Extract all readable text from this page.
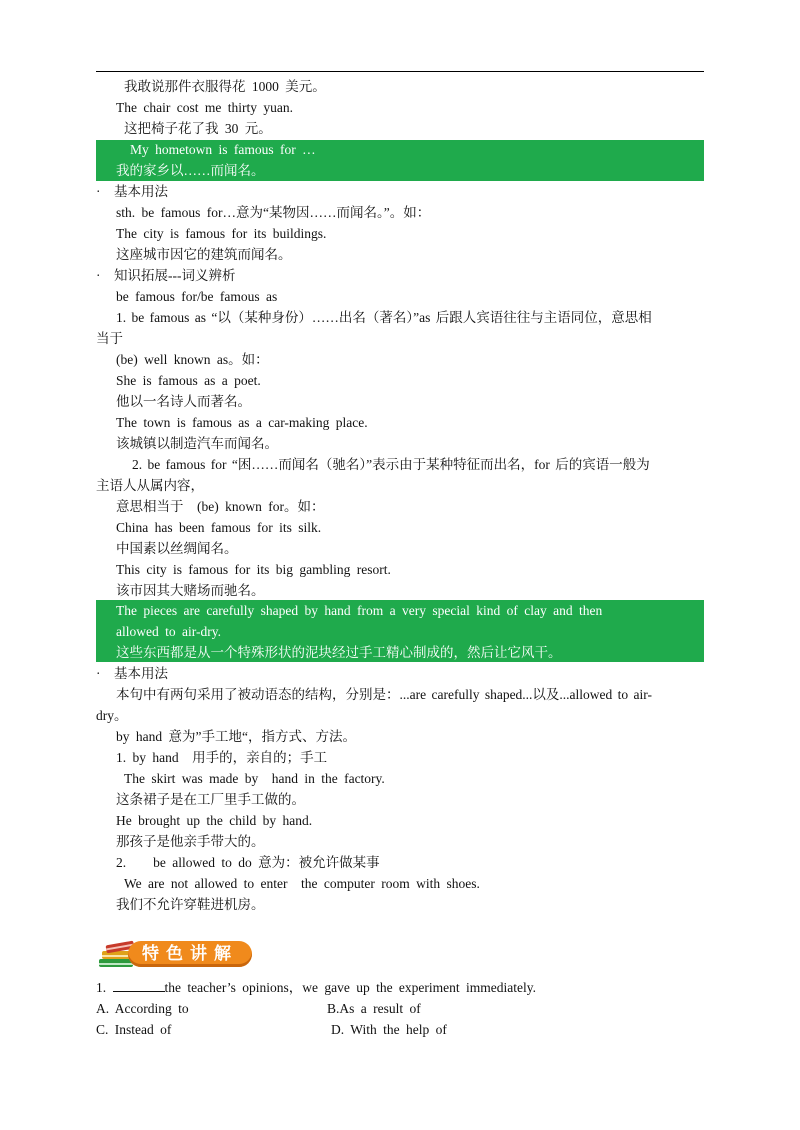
我敢说那件衣服得花 1000 美元。
The chair cost me thirty yuan.
这把椅子花了我 30 元。
My hometown is famous for …
我的家乡以……而闻名。
· 基本用法
sth. be famous for…意为“某物因……而闻名。”。如：
The city is famous for its buildings.
这座城市因它的建筑而闻名。
· 知识拓展---词义辨析
be famous for/be famous as
1. be famous as “以（某种身份）……出名（著名）”as 后跟人宾语往往与主语同位，意思相
当于
(be) well known as。如：
She is famous as a poet.
他以一名诗人而著名。
The town is famous as a car-making place.
该城镇以制造汽车而闻名。
2. be famous for “困……而闻名（驰名）”表示由于某种特征而出名，for 后的宾语一般为
主语人从属内容，
意思相当于　(be) known for。如：
China has been famous for its silk.
中国素以丝绸闻名。
This city is famous for its big gambling resort.
该市因其大赌场而驰名。
The pieces are carefully shaped by hand from a very special kind of clay and then
allowed to air-dry.
这些东西都是从一个特殊形状的泥块经过手工精心制成的，然后让它风干。
· 基本用法
本句中有两句采用了被动语态的结构，分别是：...are carefully shaped...以及...allowed to air-
dry。
by hand 意为”手工地“，指方式、方法。
1. by hand　用手的，亲自的；手工
The skirt was made by　hand in the factory.
这条裙子是在工厂里手工做的。
He brought up the child by hand.
那孩子是他亲手带大的。
2.　　be allowed to do 意为：被允许做某事
We are not allowed to enter　the computer room with shoes.
我们不允许穿鞋进机房。
特色讲解
1.	the teacher’s opinions，we gave up the experiment immediately.
A. According to	B.As a result of
C. Instead of	D. With the help of
